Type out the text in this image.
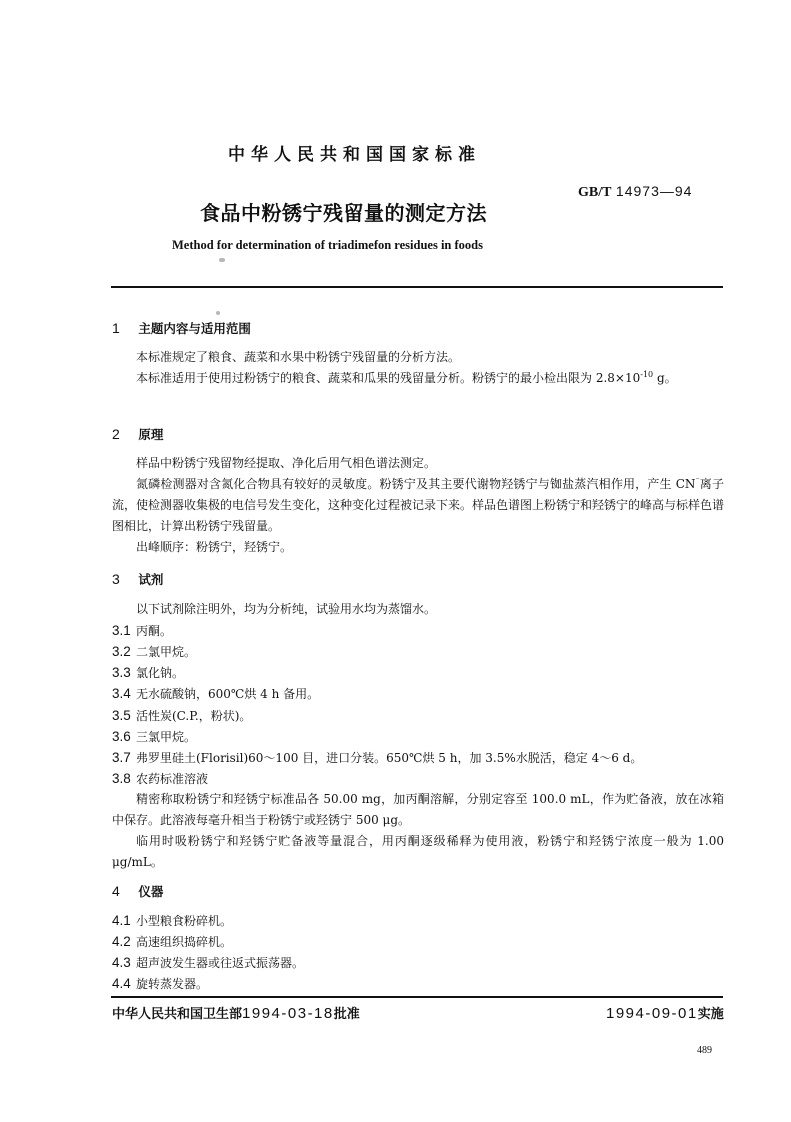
中华人民共和国国家标准
GB/T 14973—94
食品中粉锈宁残留量的测定方法
Method for determination of triadimefon residues in foods
1 主题内容与适用范围
本标准规定了粮食、蔬菜和水果中粉锈宁残留量的分析方法。
本标准适用于使用过粉锈宁的粮食、蔬菜和瓜果的残留量分析。粉锈宁的最小检出限为 $2.8\times 10^{-10}$ g。
2 原理
样品中粉锈宁残留物经提取、净化后用气相色谱法测定。
氮磷检测器对含氮化合物具有较好的灵敏度。粉锈宁及其主要代谢物羟锈宁与铷盐蒸汽相作用，产生 CN⁻离子流，使检测器收集极的电信号发生变化，这种变化过程被记录下来。样品色谱图上粉锈宁和羟锈宁的峰高与标样色谱图相比，计算出粉锈宁残留量。
出峰顺序：粉锈宁，羟锈宁。
3 试剂
以下试剂除注明外，均为分析纯，试验用水均为蒸馏水。
3.1 丙酮。
3.2 二氯甲烷。
3.3 氯化钠。
3.4 无水硫酸钠，600℃烘 4 h 备用。
3.5 活性炭(C.P.，粉状)。
3.6 三氯甲烷。
3.7 弗罗里硅土(Florisil)60～100 目，进口分装。650℃烘 5 h，加 3.5%水脱活，稳定 4～6 d。
3.8 农药标准溶液
精密称取粉锈宁和羟锈宁标准品各 50.00 mg，加丙酮溶解，分别定容至 100.0 mL，作为贮备液，放在冰箱中保存。此溶液每毫升相当于粉锈宁或羟锈宁 500 μg。
临用时吸粉锈宁和羟锈宁贮备液等量混合，用丙酮逐级稀释为使用液，粉锈宁和羟锈宁浓度一般为 1.00 μg/mL。
4 仪器
4.1 小型粮食粉碎机。
4.2 高速组织捣碎机。
4.3 超声波发生器或往返式振荡器。
4.4 旋转蒸发器。
中华人民共和国卫生部1994-03-18批准	1994-09-01实施
489
